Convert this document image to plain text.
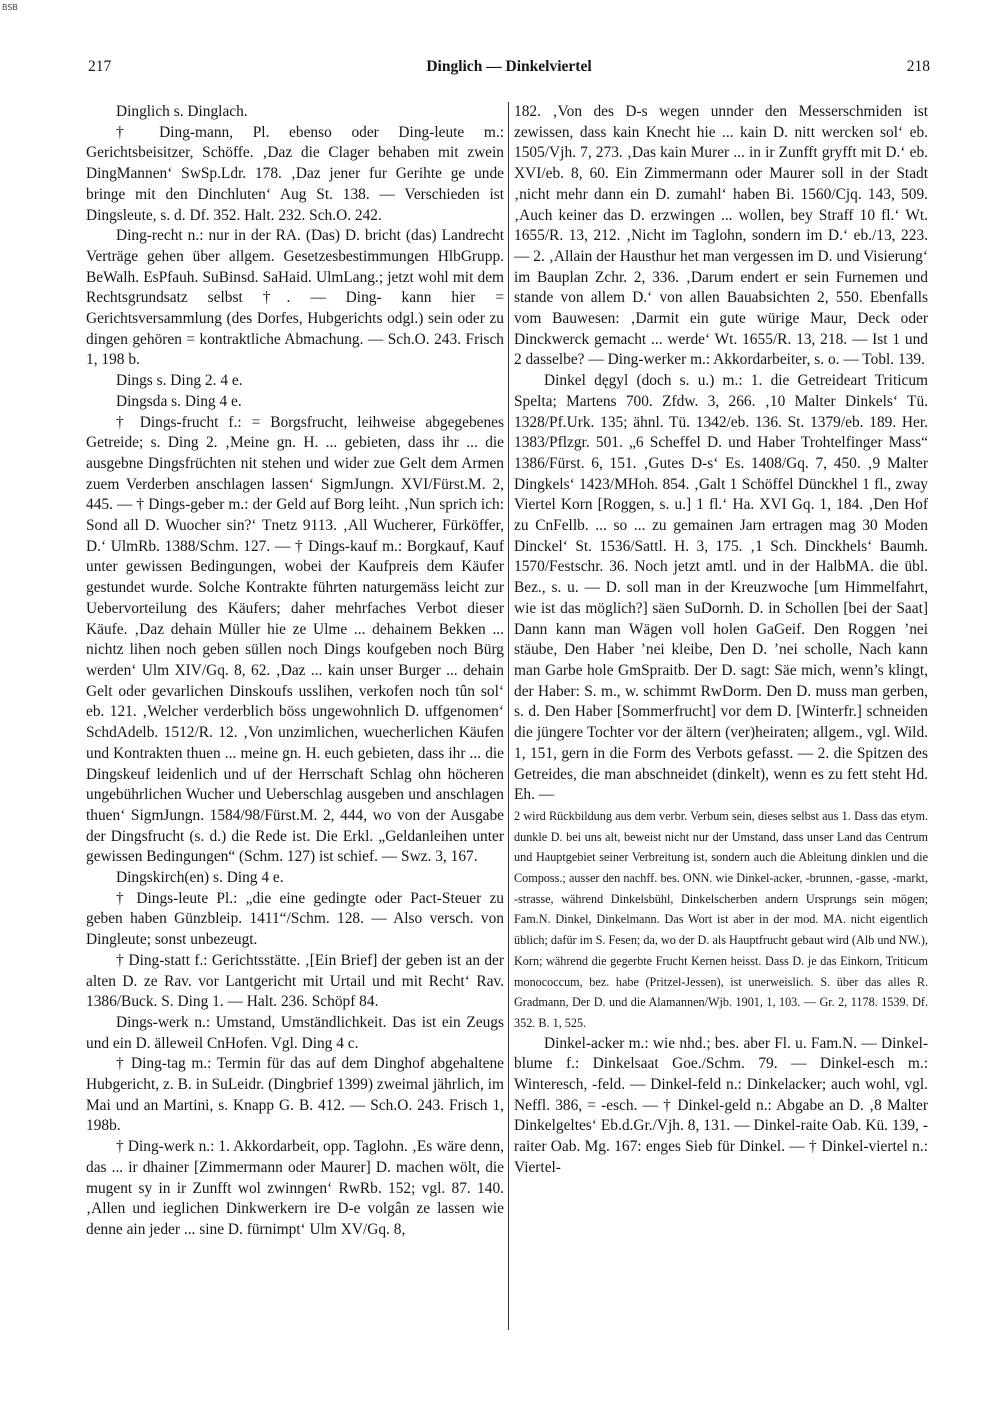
BSB
217	Dinglich — Dinkelviertel	218

Dinglich s. Dinglach.

† Ding-mann, Pl. ebenso oder Ding-leute m.: Gerichtsbeisitzer, Schöffe. ‚Daz die Clager behaben mit zwein DingMannen‘ SwSp.Ldr. 178. ‚Daz jener fur Gerihte ge unde bringe mit den Dinchluten‘ Aug St. 138. — Verschieden ist Dingsleute, s. d. Df. 352. Halt. 232. Sch.O. 242.

Ding-recht n.: nur in der RA. (Das) D. bricht (das) Landrecht Verträge gehen über allgem. Gesetzesbestimmungen HlbGrupp. BeWalh. EsPfauh. SuBinsd. SaHaid. UlmLang.; jetzt wohl mit dem Rechtsgrundsatz selbst †. — Ding- kann hier = Gerichtsversammlung (des Dorfes, Hubgerichts odgl.) sein oder zu dingen gehören = kontraktliche Abmachung. — Sch.O. 243. Frisch 1, 198 b.

Dings s. Ding 2. 4 e.

Dingsda s. Ding 4 e.

† Dings-frucht f.: = Borgsfrucht, leihweise abgegebenes Getreide; s. Ding 2. ‚Meine gn. H. ... gebieten, dass ihr ... die ausgebne Dingsfrüchten nit stehen und wider zue Gelt dem Armen zuem Verderben anschlagen lassen‘ SigmJungn. XVI/Fürst.M. 2, 445. — † Dings-geber m.: der Geld auf Borg leiht. ‚Nun sprich ich: Sond all D. Wuocher sin?‘ Tnetz 9113. ‚All Wucherer, Fürköffer, D.‘ UlmRb. 1388/Schm. 127. — † Dings-kauf m.: Borgkauf, Kauf unter gewissen Bedingungen, wobei der Kaufpreis dem Käufer gestundet wurde. Solche Kontrakte führten naturgemäss leicht zur Uebervorteilung des Käufers; daher mehrfaches Verbot dieser Käufe. ‚Daz dehain Müller hie ze Ulme ... dehainem Bekken ... nichtz lihen noch geben süllen noch Dings koufgeben noch Bürg werden‘ Ulm XIV/Gq. 8, 62. ‚Daz ... kain unser Burger ... dehain Gelt oder gevarlichen Dinskoufs usslihen, verkofen noch tûn sol‘ eb. 121. ‚Welcher verderblich böss ungewohnlich D. uffgenomen‘ SchdAdelb. 1512/R. 12. ‚Von unzimlichen, wuecherlichen Käufen und Kontrakten thuen ... meine gn. H. euch gebieten, dass ihr ... die Dingskeuf leidenlich und uf der Herrschaft Schlag ohn höcheren ungebührlichen Wucher und Ueberschlag ausgeben und anschlagen thuen‘ SigmJungn. 1584/98/Fürst.M. 2, 444, wo von der Ausgabe der Dingsfrucht (s. d.) die Rede ist. Die Erkl. „Geldanleihen unter gewissen Bedingungen“ (Schm. 127) ist schief. — Swz. 3, 167.

Dingskirch(en) s. Ding 4 e.

† Dings-leute Pl.: „die eine gedingte oder Pact-Steuer zu geben haben Günzbleip. 1411“/Schm. 128. — Also versch. von Dingleute; sonst unbezeugt.

† Ding-statt f.: Gerichtsstätte. ‚[Ein Brief] der geben ist an der alten D. ze Rav. vor Lantgericht mit Urtail und mit Recht‘ Rav. 1386/Buck. S. Ding 1. — Halt. 236. Schöpf 84.

Dings-werk n.: Umstand, Umständlichkeit. Das ist ein Zeugs und ein D. älleweil CnHofen. Vgl. Ding 4 c.

† Ding-tag m.: Termin für das auf dem Dinghof abgehaltene Hubgericht, z. B. in SuLeidr. (Dingbrief 1399) zweimal jährlich, im Mai und an Martini, s. Knapp G. B. 412. — Sch.O. 243. Frisch 1, 198b.

† Ding-werk n.: 1. Akkordarbeit, opp. Taglohn. ‚Es wäre denn, das ... ir dhainer [Zimmermann oder Maurer] D. machen wölt, die mugent sy in ir Zunfft wol zwinngen‘ RwRb. 152; vgl. 87. 140. ‚Allen und ieglichen Dinkwerkern ire D-e volgân ze lassen wie denne ain jeder ... sine D. fürnimpt‘ Ulm XV/Gq. 8,

182. ‚Von des D-s wegen unnder den Messerschmiden ist zewissen, dass kain Knecht hie ... kain D. nitt wercken sol‘ eb. 1505/Vjh. 7, 273. ‚Das kain Murer ... in ir Zunfft gryfft mit D.‘ eb. XVI/eb. 8, 60. Ein Zimmermann oder Maurer soll in der Stadt ‚nicht mehr dann ein D. zumahl‘ haben Bi. 1560/Cjq. 143, 509. ‚Auch keiner das D. erzwingen ... wollen, bey Straff 10 fl.‘ Wt. 1655/R. 13, 212. ‚Nicht im Taglohn, sondern im D.‘ eb./13, 223. — 2. ‚Allain der Hausthur het man vergessen im D. und Visierung‘ im Bauplan Zchr. 2, 336. ‚Darum endert er sein Furnemen und stande von allem D.‘ von allen Bauabsichten 2, 550. Ebenfalls vom Bauwesen: ‚Darmit ein gute würige Maur, Deck oder Dinckwerck gemacht ... werde‘ Wt. 1655/R. 13, 218. — Ist 1 und 2 dasselbe? — Ding-werker m.: Akkordarbeiter, s. o. — Tobl. 139.

Dinkel dęgyl (doch s. u.) m.: 1. die Getreideart Triticum Spelta; Martens 700. Zfdw. 3, 266. ‚10 Malter Dinkels‘ Tü. 1328/Pf.Urk. 135; ähnl. Tü. 1342/eb. 136. St. 1379/eb. 189. Her. 1383/Pflzgr. 501. „6 Scheffel D. und Haber Trohtelfinger Mass“ 1386/Fürst. 6, 151. ‚Gutes D-s‘ Es. 1408/Gq. 7, 450. ‚9 Malter Dingkels‘ 1423/MHoh. 854. ‚Galt 1 Schöffel Dünckhel 1 fl., zway Viertel Korn [Roggen, s. u.] 1 fl.‘ Ha. XVI Gq. 1, 184. ‚Den Hof zu CnFellb. ... so ... zu gemainen Jarn ertragen mag 30 Moden Dinckel‘ St. 1536/Sattl. H. 3, 175. ‚1 Sch. Dinckhels‘ Baumh. 1570/Festschr. 36. Noch jetzt amtl. und in der HalbMA. die übl. Bez., s. u. — D. soll man in der Kreuzwoche [um Himmelfahrt, wie ist das möglich?] säen SuDornh. D. in Schollen [bei der Saat] Dann kann man Wägen voll holen GaGeif. Den Roggen ’nei stäube, Den Haber ’nei kleibe, Den D. ’nei scholle, Nach kann man Garbe hole GmSpraitb. Der D. sagt: Säe mich, wenn’s klingt, der Haber: S. m., w. schimmt RwDorm. Den D. muss man gerben, s. d. Den Haber [Sommerfrucht] vor dem D. [Winterfr.] schneiden die jüngere Tochter vor der ältern (ver)heiraten; allgem., vgl. Wild. 1, 151, gern in die Form des Verbots gefasst. — 2. die Spitzen des Getreides, die man abschneidet (dinkelt), wenn es zu fett steht Hd. Eh. —

2 wird Rückbildung aus dem verbr. Verbum sein, dieses selbst aus 1. Dass das etym. dunkle D. bei uns alt, beweist nicht nur der Umstand, dass unser Land das Centrum und Hauptgebiet seiner Verbreitung ist, sondern auch die Ableitung dinklen und die Composs.; ausser den nachff. bes. ONN. wie Dinkel-acker, -brunnen, -gasse, -markt, -strasse, während Dinkelsbühl, Dinkelscherben andern Ursprungs sein mögen; Fam.N. Dinkel, Dinkelmann. Das Wort ist aber in der mod. MA. nicht eigentlich üblich; dafür im S. Fesen; da, wo der D. als Hauptfrucht gebaut wird (Alb und NW.), Korn; während die gegerbte Frucht Kernen heisst. Dass D. je das Einkorn, Triticum monococcum, bez. habe (Pritzel-Jessen), ist unerweislich. S. über das alles R. Gradmann, Der D. und die Alamannen/Wjb. 1901, 1, 103. — Gr. 2, 1178. 1539. Df. 352. B. 1, 525.

Dinkel-acker m.: wie nhd.; bes. aber Fl. u. Fam.N. — Dinkel-blume f.: Dinkelsaat Goe./Schm. 79. — Dinkel-esch m.: Winteresch, -feld. — Dinkel-feld n.: Dinkelacker; auch wohl, vgl. Neffl. 386, = -esch. — † Dinkel-geld n.: Abgabe an D. ‚8 Malter Dinkelgeltes‘ Eb.d.Gr./Vjh. 8, 131. — Dinkel-raite Oab. Kü. 139, -raiter Oab. Mg. 167: enges Sieb für Dinkel. — † Dinkel-viertel n.: Viertel-
